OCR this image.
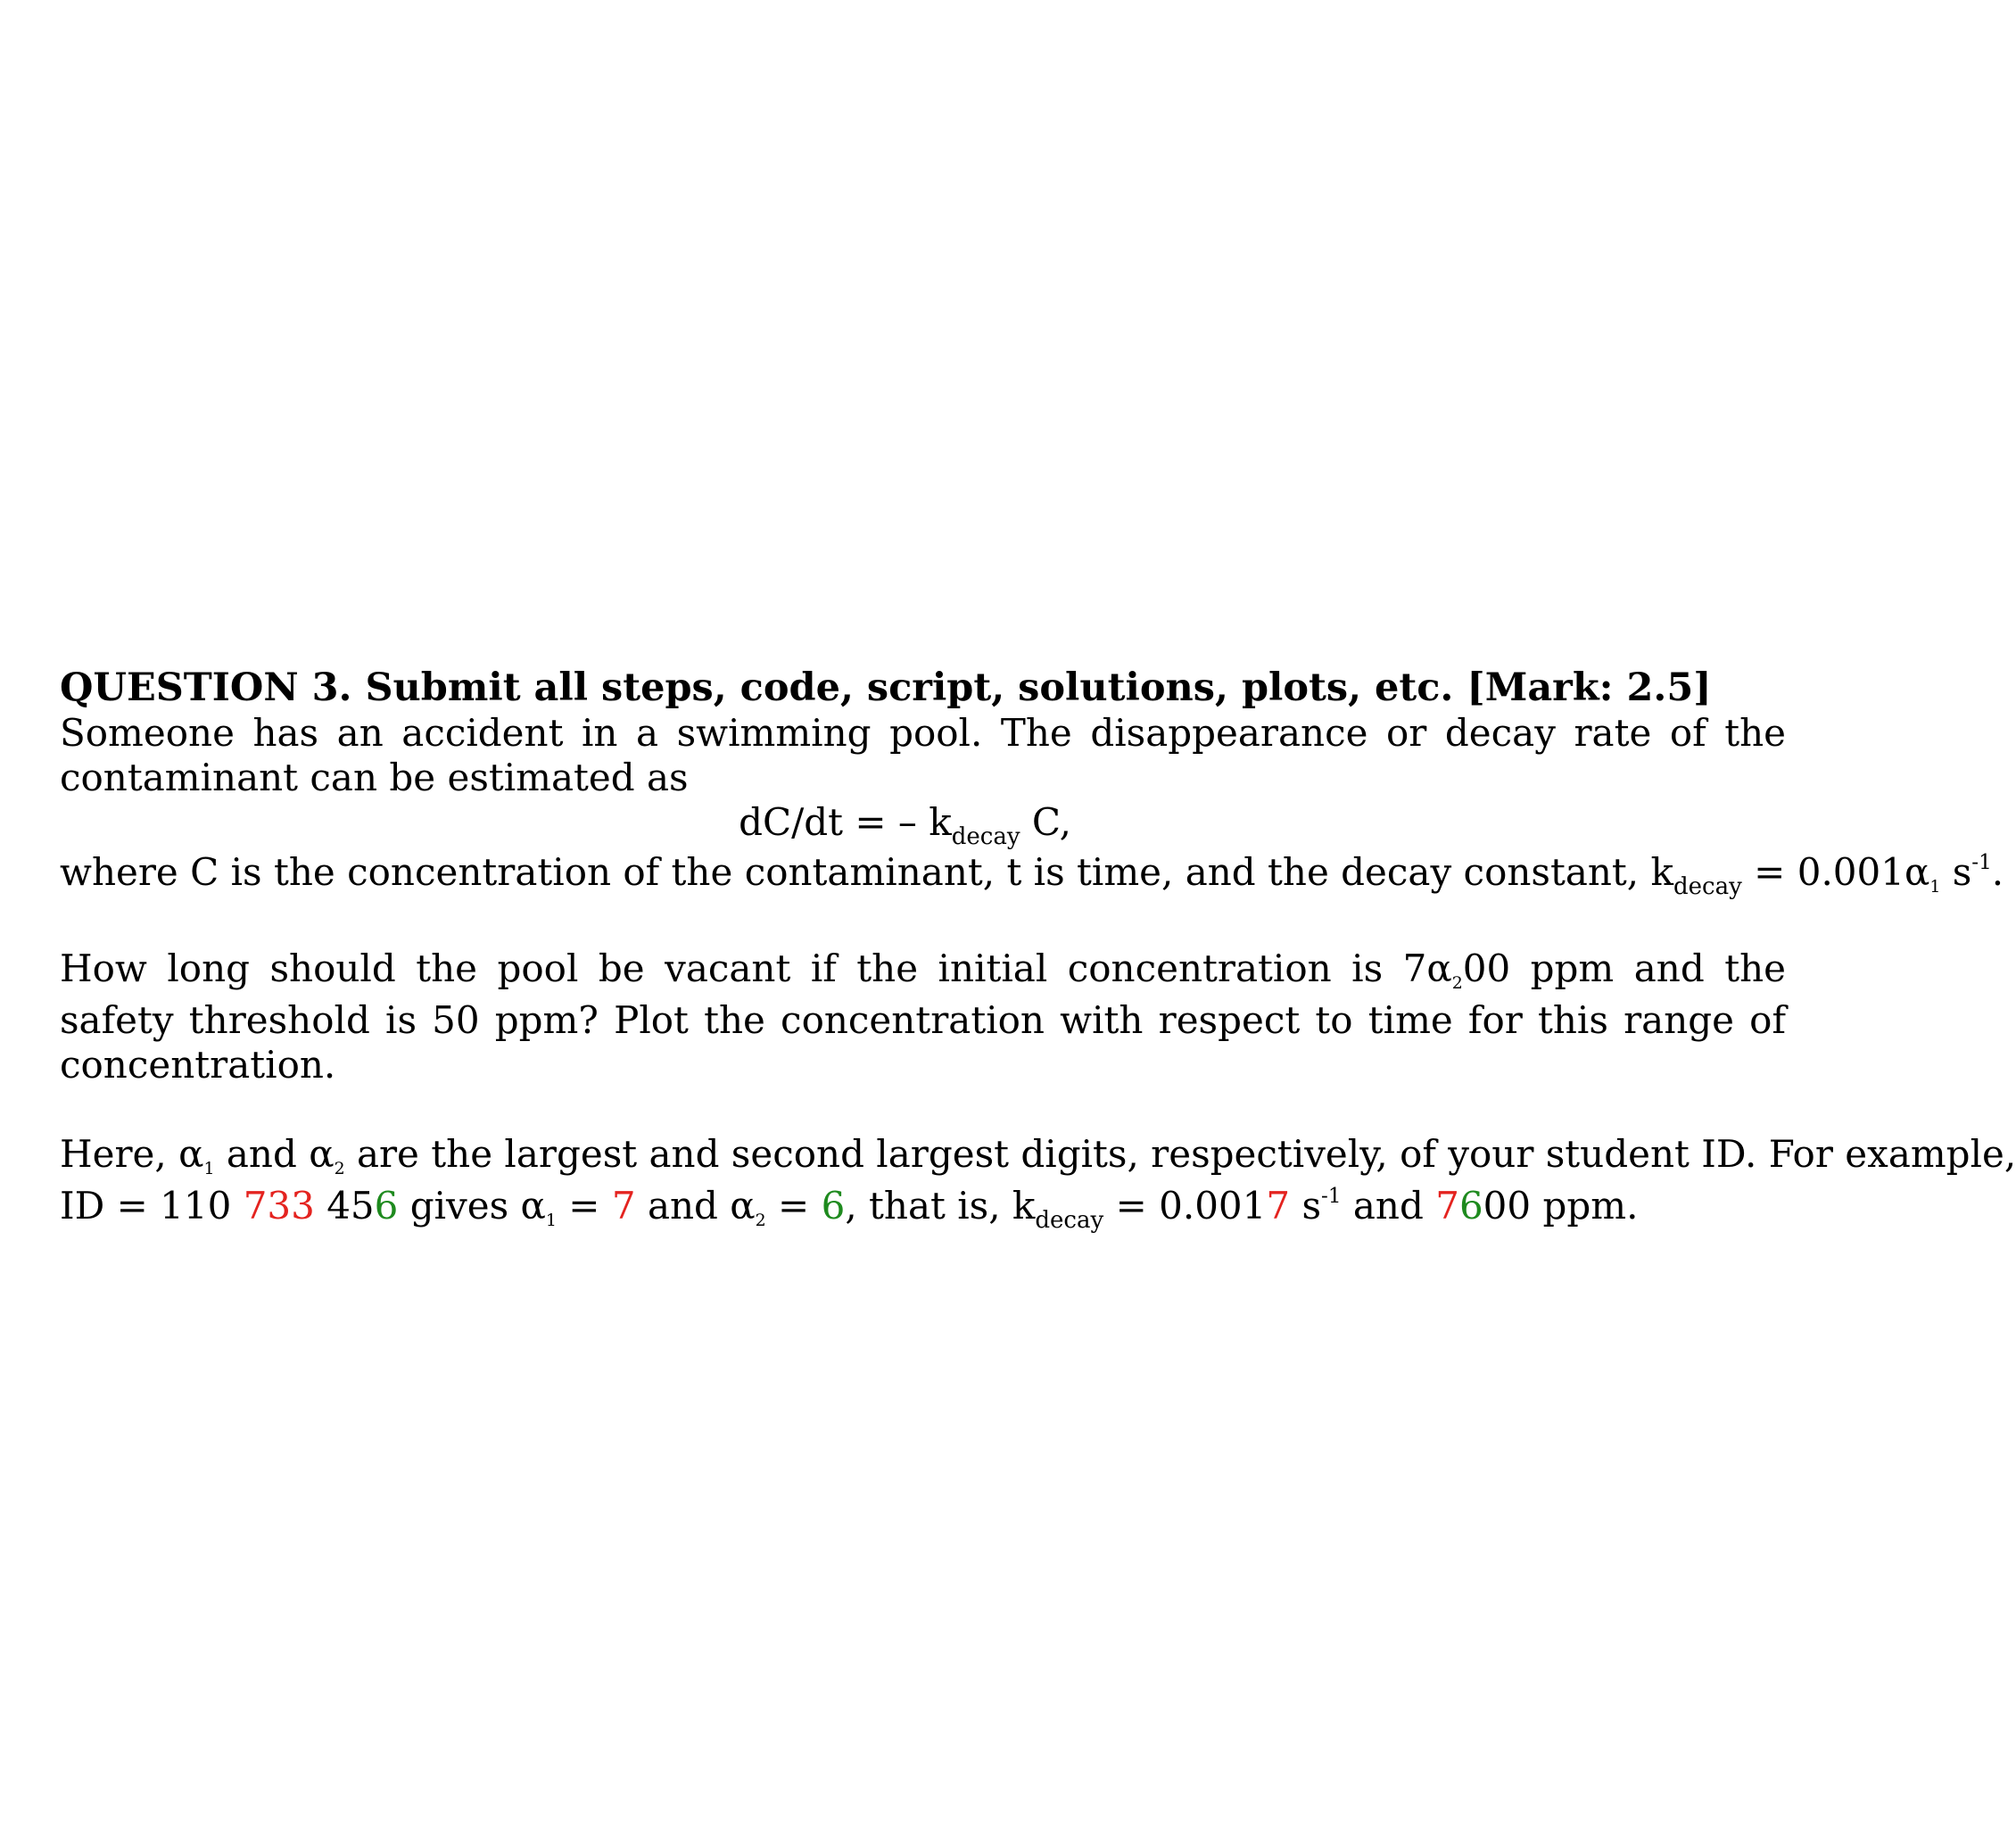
QUESTION 3. Submit all steps, code, script, solutions, plots, etc. [Mark: 2.5]

Someone has an accident in a swimming pool. The disappearance or decay rate of the contaminant can be estimated as

dC/dt = – $k_{decay}$ C,
where C is the concentration of the contaminant, t is time, and the decay constant, $k_{decay} = 0.001\alpha 1$ $s^{-1}$.

How long should the pool be vacant if the initial concentration is 7α200 ppm and the safety threshold is 50 ppm? Plot the concentration with respect to time for this range of concentration.

Here, α1 and α2 are the largest and second largest digits, respectively, of your student ID. For example,
ID = 110 733 456 gives α1 = 7 and α2 = 6, that is, $k_{decay} = 0.0017$ $s^{-1}$ and 7600 ppm.
